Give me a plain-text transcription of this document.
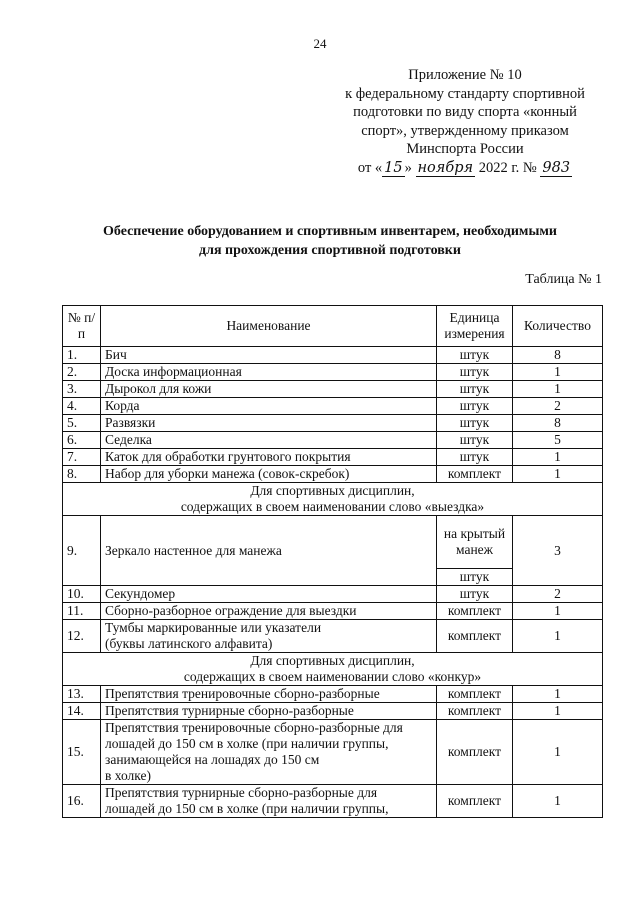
24
Приложение № 10
к федеральному стандарту спортивной
подготовки по виду спорта «конный
спорт», утвержденному приказом
Минспорта России
от « 15 » ноября 2022 г. № 983
Обеспечение оборудованием и спортивным инвентарем, необходимыми
для прохождения спортивной подготовки
Таблица № 1
№ п/п	Наименование	Единица измерения	Количество
1.	Бич	штук	8
2.	Доска информационная	штук	1
3.	Дырокол для кожи	штук	1
4.	Корда	штук	2
5.	Развязки	штук	8
6.	Седелка	штук	5
7.	Каток для обработки грунтового покрытия	штук	1
8.	Набор для уборки манежа (совок-скребок)	комплект	1

Для спортивных дисциплин,
содержащих в своем наименовании слово «выездка»			

9.	Зеркало настенное для манежа	на крытый манеж	3
		штук	
10.	Секундомер	штук	2
11.	Сборно-разборное ограждение для выездки	комплект	1
12.	Тумбы маркированные или указатели
(буквы латинского алфавита)	комплект	1

Для спортивных дисциплин,
содержащих в своем наименовании слово «конкур»			

13.	Препятствия тренировочные сборно-разборные	комплект	1
14.	Препятствия турнирные сборно-разборные	комплект	1
15.	Препятствия тренировочные сборно-разборные для
лошадей до 150 см в холке (при наличии группы,
занимающейся на лошадях до 150 см
в холке)	комплект	1
16.	Препятствия турнирные сборно-разборные для
лошадей до 150 см в холке (при наличии группы,	комплект	1
